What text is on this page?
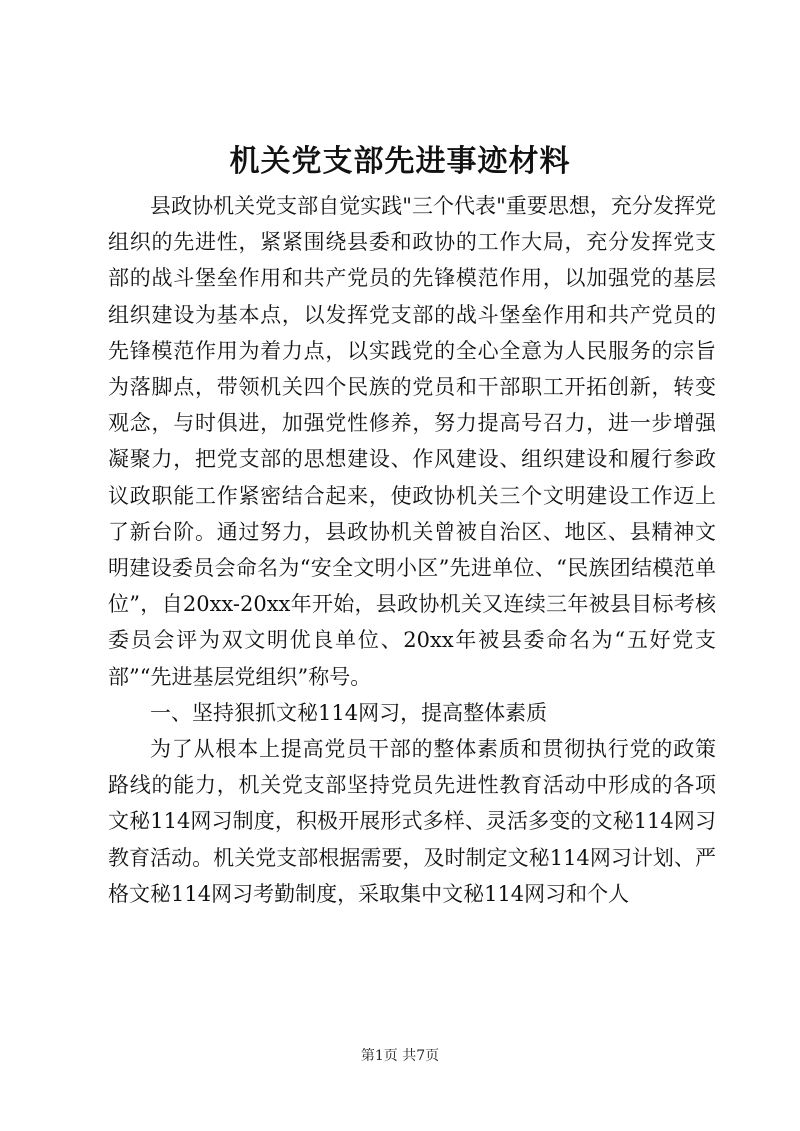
机关党支部先进事迹材料

县政协机关党支部自觉实践"三个代表"重要思想，充分发挥党组织的先进性，紧紧围绕县委和政协的工作大局，充分发挥党支部的战斗堡垒作用和共产党员的先锋模范作用，以加强党的基层组织建设为基本点，以发挥党支部的战斗堡垒作用和共产党员的先锋模范作用为着力点，以实践党的全心全意为人民服务的宗旨为落脚点，带领机关四个民族的党员和干部职工开拓创新，转变观念，与时俱进，加强党性修养，努力提高号召力，进一步增强凝聚力，把党支部的思想建设、作风建设、组织建设和履行参政议政职能工作紧密结合起来，使政协机关三个文明建设工作迈上了新台阶。通过努力，县政协机关曾被自治区、地区、县精神文明建设委员会命名为“安全文明小区”先进单位、“民族团结模范单位”，自20xx-20xx年开始，县政协机关又连续三年被县目标考核委员会评为双文明优良单位、20xx年被县委命名为“五好党支部”“先进基层党组织”称号。

一、坚持狠抓文秘114网习，提高整体素质

为了从根本上提高党员干部的整体素质和贯彻执行党的政策路线的能力，机关党支部坚持党员先进性教育活动中形成的各项文秘114网习制度，积极开展形式多样、灵活多变的文秘114网习教育活动。机关党支部根据需要，及时制定文秘114网习计划、严格文秘114网习考勤制度，采取集中文秘114网习和个人

第1页 共7页
